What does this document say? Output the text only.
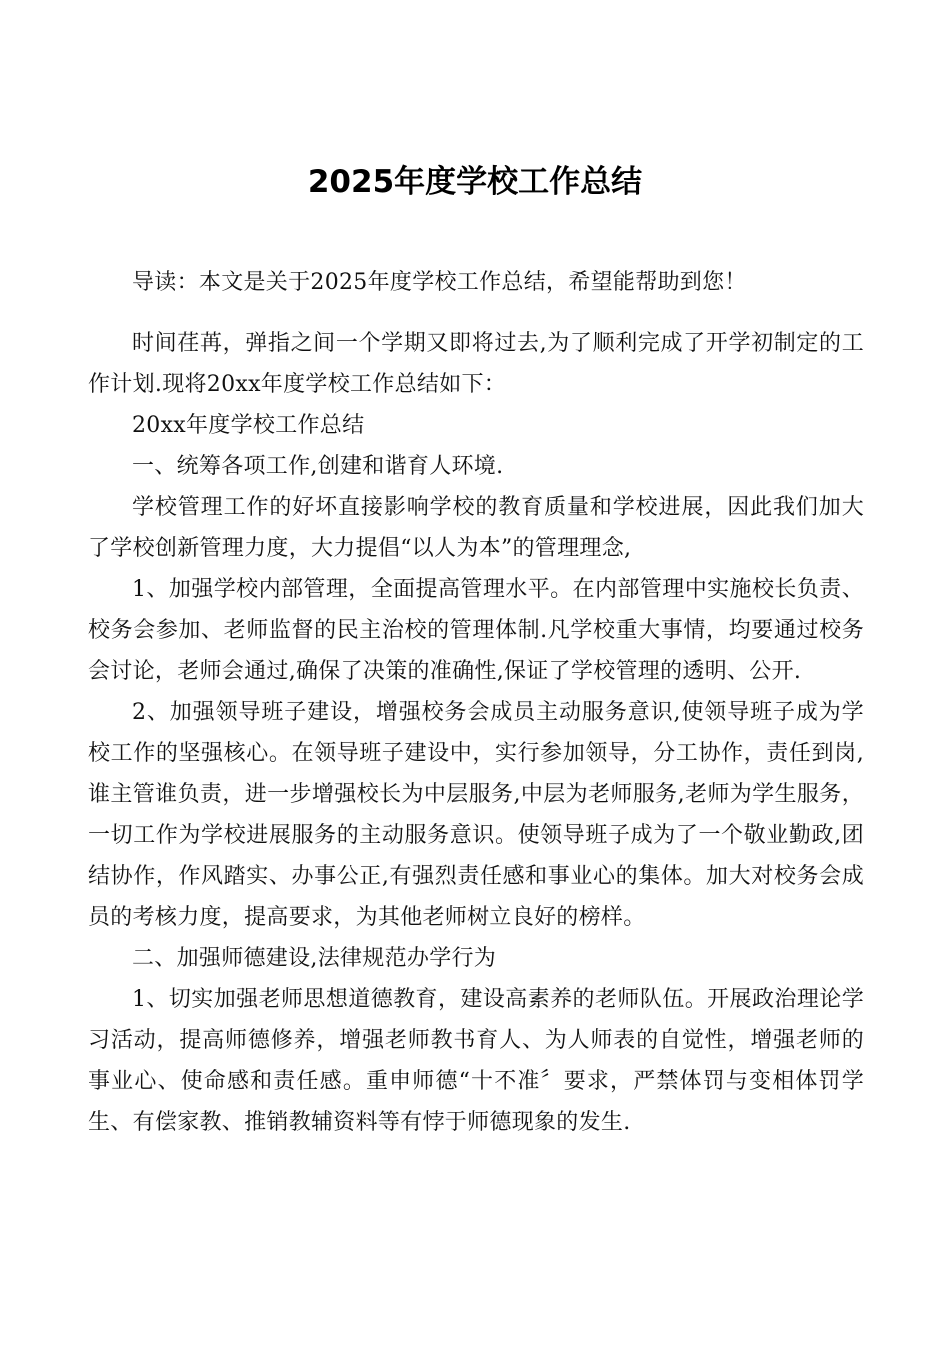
2025年度学校工作总结

导读：本文是关于2025年度学校工作总结，希望能帮助到您！

时间荏苒，弹指之间一个学期又即将过去,为了顺利完成了开学初制定的工作计划.现将20xx年度学校工作总结如下：

20xx年度学校工作总结

一、统筹各项工作,创建和谐育人环境.

学校管理工作的好坏直接影响学校的教育质量和学校进展，因此我们加大了学校创新管理力度，大力提倡“以人为本”的管理理念,

1、加强学校内部管理，全面提高管理水平。在内部管理中实施校长负责、校务会参加、老师监督的民主治校的管理体制.凡学校重大事情，均要通过校务会讨论，老师会通过,确保了决策的准确性,保证了学校管理的透明、公开.

2、加强领导班子建设，增强校务会成员主动服务意识,使领导班子成为学校工作的坚强核心。在领导班子建设中，实行参加领导，分工协作，责任到岗,谁主管谁负责，进一步增强校长为中层服务,中层为老师服务,老师为学生服务，一切工作为学校进展服务的主动服务意识。使领导班子成为了一个敬业勤政,团结协作，作风踏实、办事公正,有强烈责任感和事业心的集体。加大对校务会成员的考核力度，提高要求，为其他老师树立良好的榜样。

二、加强师德建设,法律规范办学行为

1、切实加强老师思想道德教育，建设高素养的老师队伍。开展政治理论学习活动，提高师德修养，增强老师教书育人、为人师表的自觉性，增强老师的事业心、使命感和责任感。重申师德“十不准〞要求，严禁体罚与变相体罚学生、有偿家教、推销教辅资料等有悖于师德现象的发生.
